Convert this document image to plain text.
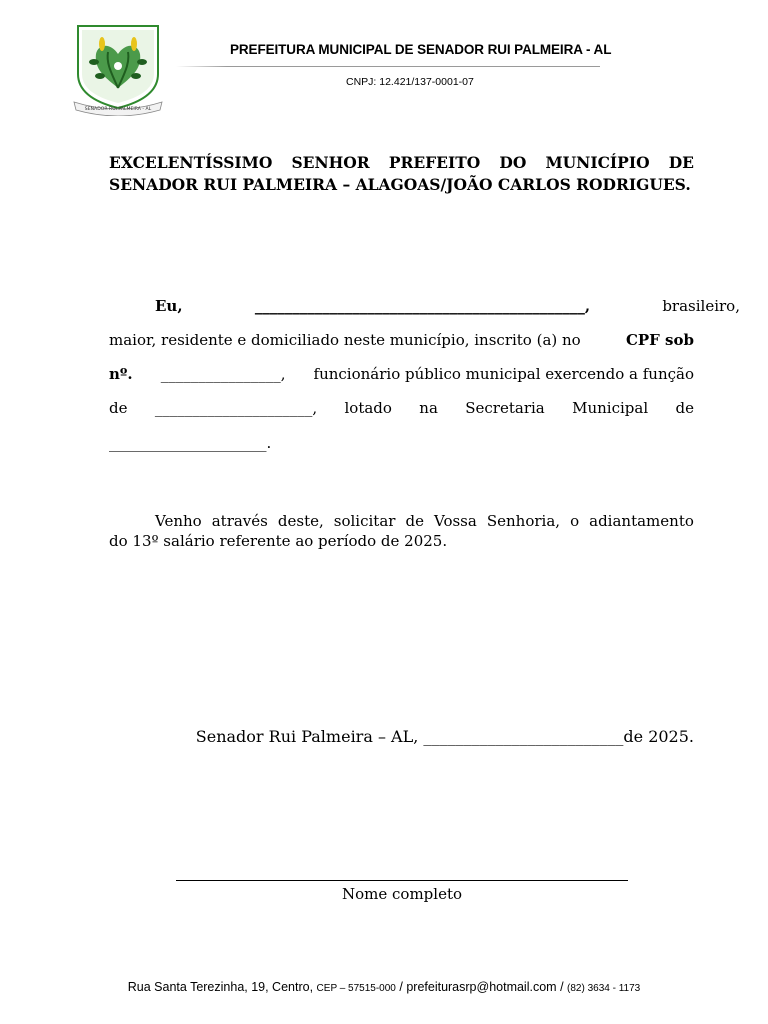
SENADOR RUI PALMEIRA - AL
PREFEITURA MUNICIPAL DE SENADOR RUI PALMEIRA - AL
CNPJ: 12.421/137-0001-07
EXCELENTÍSSIMO SENHOR PREFEITO DO MUNICÍPIO DE SENADOR RUI PALMEIRA – ALAGOAS/JOÃO CARLOS RODRIGUES.
Eu,	____________________________________________,	brasileiro,
maior, residente e domiciliado neste município, inscrito (a) no	CPF sob
nº. ________________, funcionário público municipal exercendo a função
de _____________________, lotado na Secretaria Municipal de
_____________________.
Venho através deste, solicitar de Vossa Senhoria, o adiantamento
do 13º salário referente ao período de 2025.
Senador Rui Palmeira – AL, _________________________de 2025.
Nome completo
Rua Santa Terezinha, 19, Centro, CEP – 57515-000 / prefeiturasrp@hotmail.com / (82) 3634 - 1173
